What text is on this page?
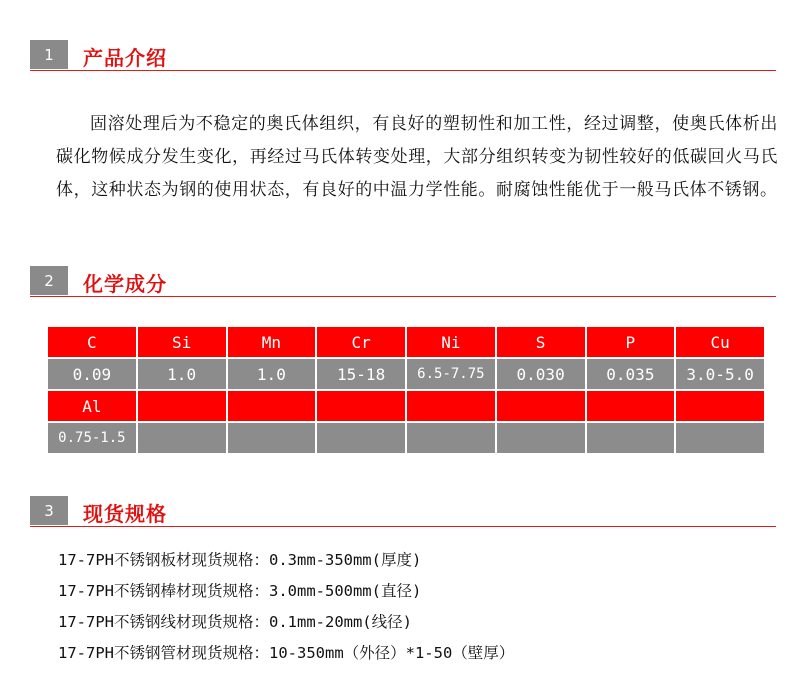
1	产品介绍

固溶处理后为不稳定的奥氏体组织，有良好的塑韧性和加工性，经过调整，使奥氏体析出碳化物候成分发生变化，再经过马氏体转变处理，大部分组织转变为韧性较好的低碳回火马氏体，这种状态为钢的使用状态，有良好的中温力学性能。耐腐蚀性能优于一般马氏体不锈钢。

2	化学成分
C	Si	Mn	Cr	Ni	S	P	Cu
0.09	1.0	1.0	15-18	6.5-7.75	0.030	0.035	3.0-5.0
Al							
0.75-1.5							
3	现货规格
17-7PH不锈钢板材现货规格：0.3mm-350mm(厚度)
17-7PH不锈钢棒材现货规格：3.0mm-500mm(直径)
17-7PH不锈钢线材现货规格：0.1mm-20mm(线径)
17-7PH不锈钢管材现货规格：10-350mm（外径）*1-50（壁厚）
